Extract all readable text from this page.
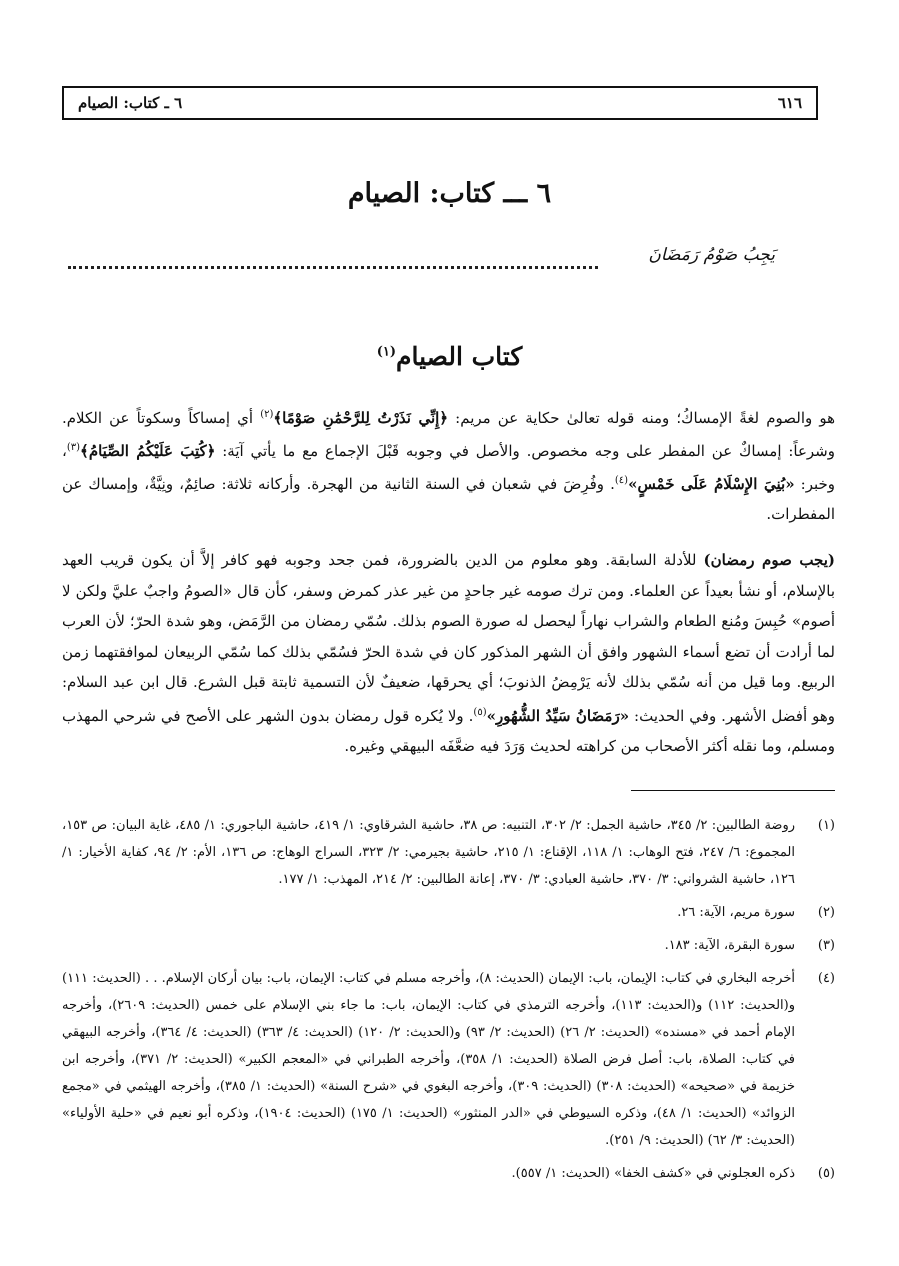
٦١٦
٦ ـ كتاب: الصيام
٦ ـــ كتاب: الصيام
يَجِبُ صَوْمُ رَمَضَانَ
كتاب الصيام$^{(١)}$
هو والصوم لغةً الإمساكُ؛ ومنه قوله تعالىٰ حكاية عن مريم: ﴿إِنِّي نَذَرْتُ لِلرَّحْمَٰنِ صَوْمًا﴾$^{(٢)}$ أي إمساكاً وسكوتاً عن الكلام. وشرعاً: إمساكٌ عن المفطر على وجه مخصوص. والأصل في وجوبه قَبْلَ الإجماع مع ما يأتي آيَة: ﴿كُتِبَ عَلَيْكُمُ الصِّيَامُ﴾$^{(٣)}$، وخبر: «بُنِيَ الإِسْلَامُ عَلَى خَمْسٍ»$^{(٤)}$. وفُرِضَ في شعبان في السنة الثانية من الهجرة. وأركانه ثلاثة: صائِمٌ، ونِيَّةٌ، وإمساك عن المفطرات.
(يجب صوم رمضان) للأدلة السابقة. وهو معلوم من الدين بالضرورة، فمن جحد وجوبه فهو كافر إلاَّ أن يكون قريب العهد بالإسلام، أو نشأ بعيداً عن العلماء. ومن ترك صومه غير جاحدٍ من غير عذر كمرض وسفر، كأن قال «الصومُ واجبٌ عليَّ ولكن لا أصوم» حُبِسَ ومُنع الطعام والشراب نهاراً ليحصل له صورة الصوم بذلك. سُمّي رمضان من الرَّمَض، وهو شدة الحرّ؛ لأن العرب لما أرادت أن تضع أسماء الشهور وافق أن الشهر المذكور كان في شدة الحرّ فسُمّي بذلك كما سُمّي الربيعان لموافقتهما زمن الربيع. وما قيل من أنه سُمّي بذلك لأنه يَرْمِضُ الذنوبَ؛ أي يحرقها، ضعيفٌ لأن التسمية ثابتة قبل الشرع. قال ابن عبد السلام: وهو أفضل الأشهر. وفي الحديث: «رَمَضَانُ سَيِّدُ الشُّهُورِ»$^{(٥)}$. ولا يُكره قول رمضان بدون الشهر على الأصح في شرحي المهذب ومسلم، وما نقله أكثر الأصحاب من كراهته لحديث وَرَدَ فيه ضعَّفَه البيهقي وغيره.
(١)
روضة الطالبين: ٢/ ٣٤٥، حاشية الجمل: ٢/ ٣٠٢، التنبيه: ص ٣٨، حاشية الشرقاوي: ١/ ٤١٩، حاشية الباجوري: ١/ ٤٨٥، غاية البيان: ص ١٥٣، المجموع: ٦/ ٢٤٧، فتح الوهاب: ١/ ١١٨، الإقناع: ١/ ٢١٥، حاشية بجيرمي: ٢/ ٣٢٣، السراج الوهاج: ص ١٣٦، الأم: ٢/ ٩٤، كفاية الأخيار: ١/ ١٢٦، حاشية الشرواني: ٣/ ٣٧٠، حاشية العبادي: ٣/ ٣٧٠، إعانة الطالبين: ٢/ ٢١٤، المهذب: ١/ ١٧٧.
(٢)
سورة مريم، الآية: ٢٦.
(٣)
سورة البقرة، الآية: ١٨٣.
(٤)
أخرجه البخاري في كتاب: الإيمان، باب: الإيمان (الحديث: ٨)، وأخرجه مسلم في كتاب: الإيمان، باب: بيان أركان الإسلام. . . (الحديث: ١١١) و(الحديث: ١١٢) و(الحديث: ١١٣)، وأخرجه الترمذي في كتاب: الإيمان، باب: ما جاء بني الإسلام على خمس (الحديث: ٢٦٠٩)، وأخرجه الإمام أحمد في «مسنده» (الحديث: ٢/ ٢٦) (الحديث: ٢/ ٩٣) و(الحديث: ٢/ ١٢٠) (الحديث: ٤/ ٣٦٣) (الحديث: ٤/ ٣٦٤)، وأخرجه البيهقي في كتاب: الصلاة، باب: أصل فرض الصلاة (الحديث: ١/ ٣٥٨)، وأخرجه الطبراني في «المعجم الكبير» (الحديث: ٢/ ٣٧١)، وأخرجه ابن خزيمة في «صحيحه» (الحديث: ٣٠٨) (الحديث: ٣٠٩)، وأخرجه البغوي في «شرح السنة» (الحديث: ١/ ٣٨٥)، وأخرجه الهيثمي في «مجمع الزوائد» (الحديث: ١/ ٤٨)، وذكره السيوطي في «الدر المنثور» (الحديث: ١/ ١٧٥) (الحديث: ١٩٠٤)، وذكره أبو نعيم في «حلية الأولياء» (الحديث: ٣/ ٦٢) (الحديث: ٩/ ٢٥١).
(٥)
ذكره العجلوني في «كشف الخفا» (الحديث: ١/ ٥٥٧).
